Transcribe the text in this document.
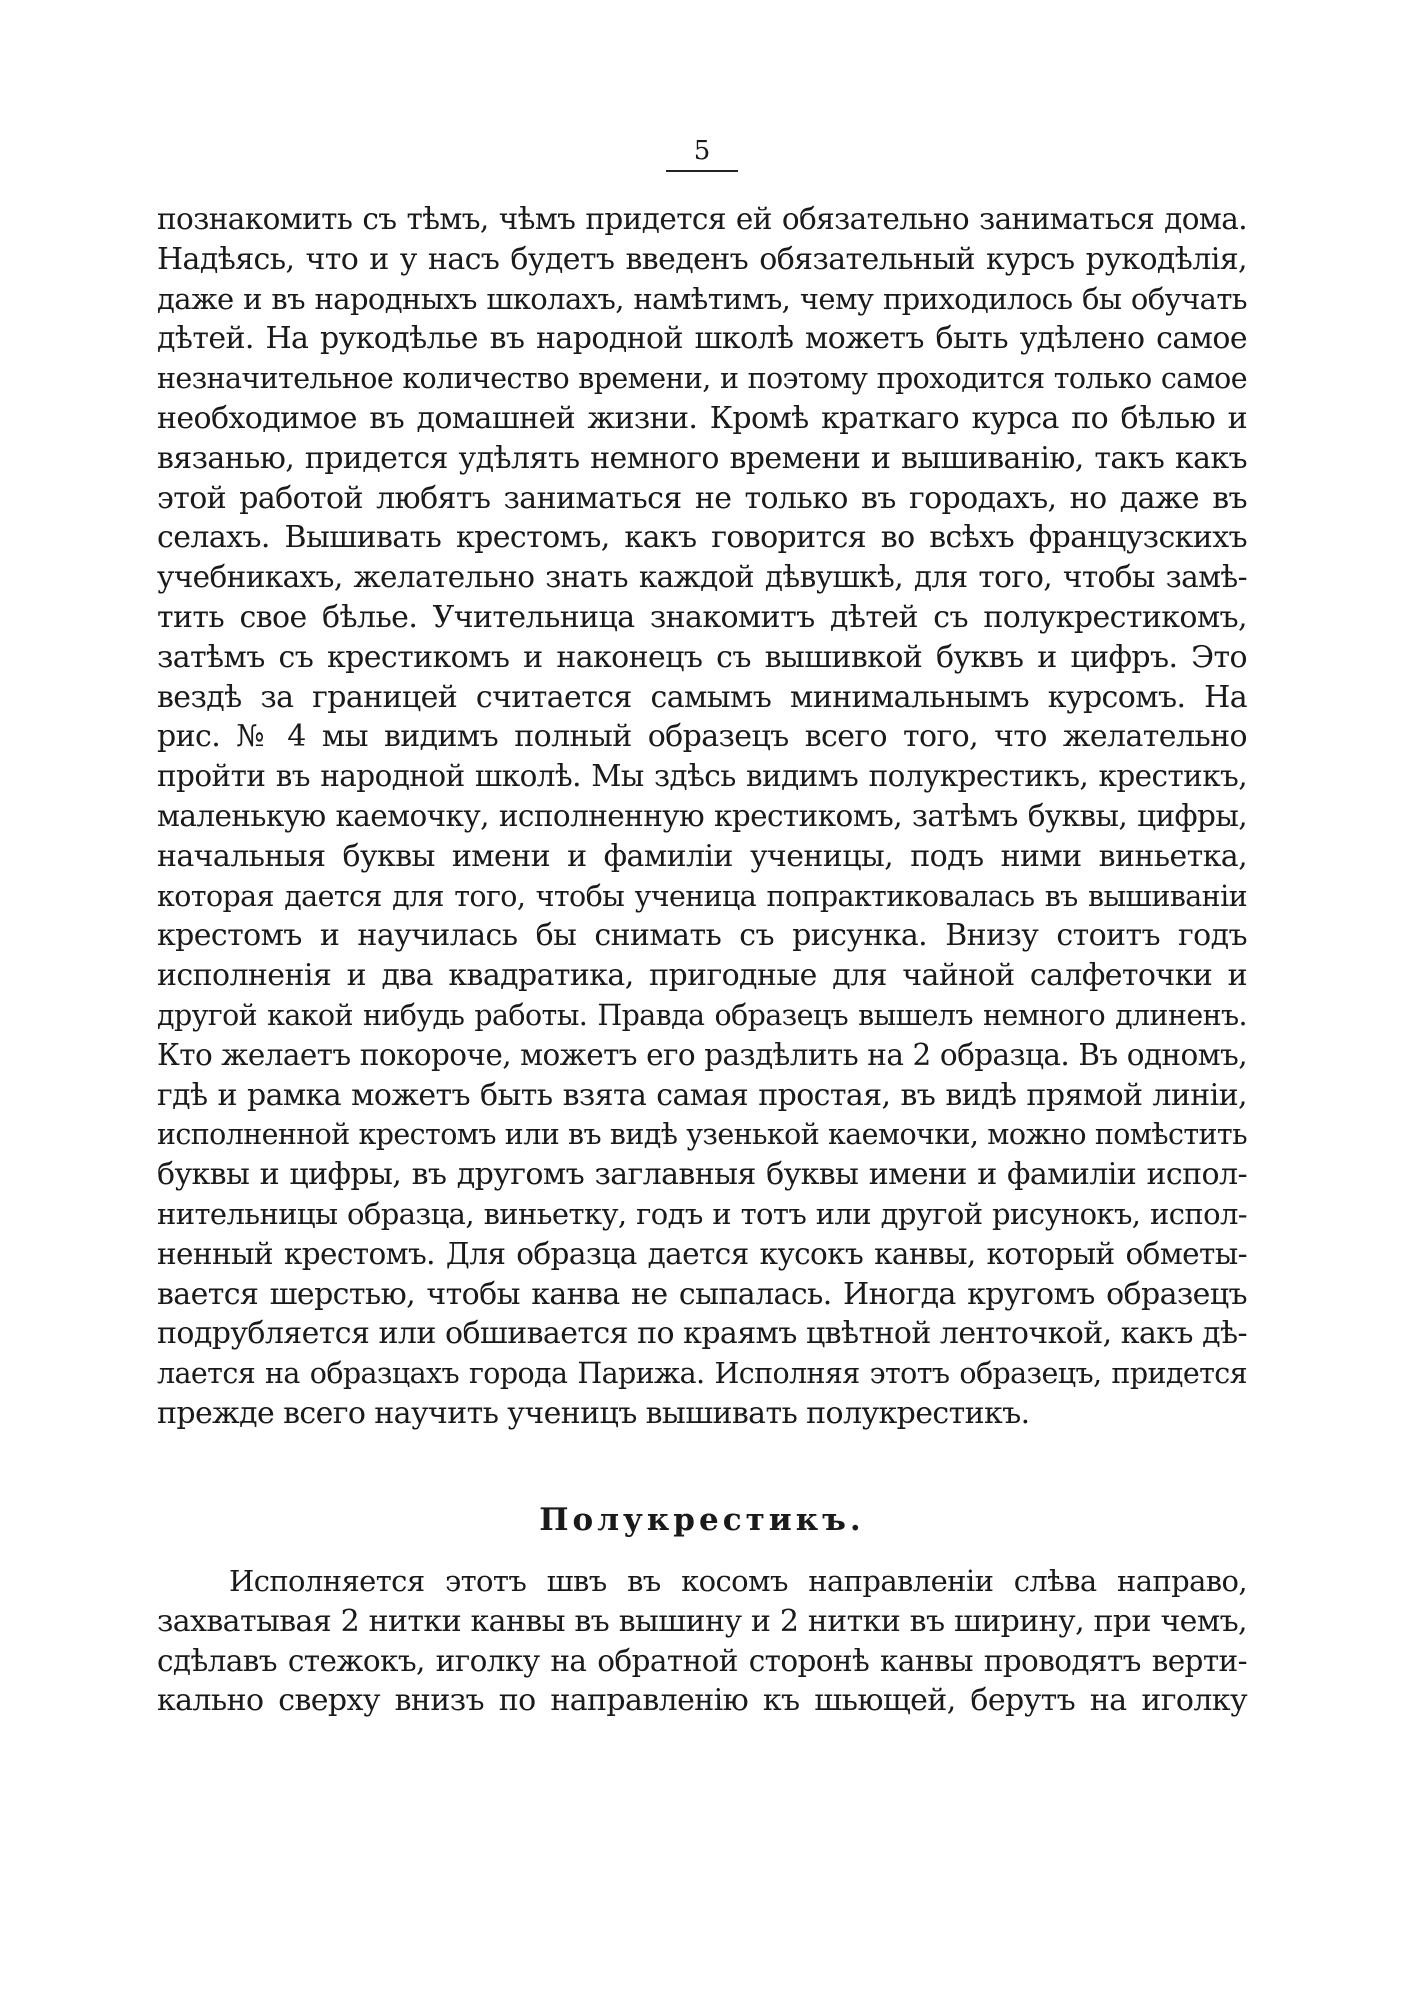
5
познакомить съ тѣмъ, чѣмъ придется ей обязательно заниматься дома.
Надѣясь, что и у насъ будетъ введенъ обязательный курсъ рукодѣлія,
даже и въ народныхъ школахъ, намѣтимъ, чему приходилось бы обучать
дѣтей. На рукодѣлье въ народной школѣ можетъ быть удѣлено самое
незначительное количество времени, и поэтому проходится только самое
необходимое въ домашней жизни. Кромѣ краткаго курса по бѣлью и
вязанью, придется удѣлять немного времени и вышиванію, такъ какъ
этой работой любятъ заниматься не только въ городахъ, но даже въ
селахъ. Вышивать крестомъ, какъ говорится во всѣхъ французскихъ
учебникахъ, желательно знать каждой дѣвушкѣ, для того, чтобы замѣ-
тить свое бѣлье. Учительница знакомитъ дѣтей съ полукрестикомъ,
затѣмъ съ крестикомъ и наконецъ съ вышивкой буквъ и цифръ. Это
вездѣ за границей считается самымъ минимальнымъ курсомъ. На
рис. № 4 мы видимъ полный образецъ всего того, что желательно
пройти въ народной школѣ. Мы здѣсь видимъ полукрестикъ, крестикъ,
маленькую каемочку, исполненную крестикомъ, затѣмъ буквы, цифры,
начальныя буквы имени и фамиліи ученицы, подъ ними виньетка,
которая дается для того, чтобы ученица попрактиковалась въ вышиваніи
крестомъ и научилась бы снимать съ рисунка. Внизу стоитъ годъ
исполненія и два квадратика, пригодные для чайной салфеточки и
другой какой нибудь работы. Правда образецъ вышелъ немного длиненъ.
Кто желаетъ покороче, можетъ его раздѣлить на 2 образца. Въ одномъ,
гдѣ и рамка можетъ быть взята самая простая, въ видѣ прямой линіи,
исполненной крестомъ или въ видѣ узенькой каемочки, можно помѣстить
буквы и цифры, въ другомъ заглавныя буквы имени и фамиліи испол-
нительницы образца, виньетку, годъ и тотъ или другой рисунокъ, испол-
ненный крестомъ. Для образца дается кусокъ канвы, который обметы-
вается шерстью, чтобы канва не сыпалась. Иногда кругомъ образецъ
подрубляется или обшивается по краямъ цвѣтной ленточкой, какъ дѣ-
лается на образцахъ города Парижа. Исполняя этотъ образецъ, придется
прежде всего научить ученицъ вышивать полукрестикъ.
Полукрестикъ.
Исполняется этотъ швъ въ косомъ направленіи слѣва направо,
захватывая 2 нитки канвы въ вышину и 2 нитки въ ширину, при чемъ,
сдѣлавъ стежокъ, иголку на обратной сторонѣ канвы проводятъ верти-
кально сверху внизъ по направленію къ шьющей, берутъ на иголку
